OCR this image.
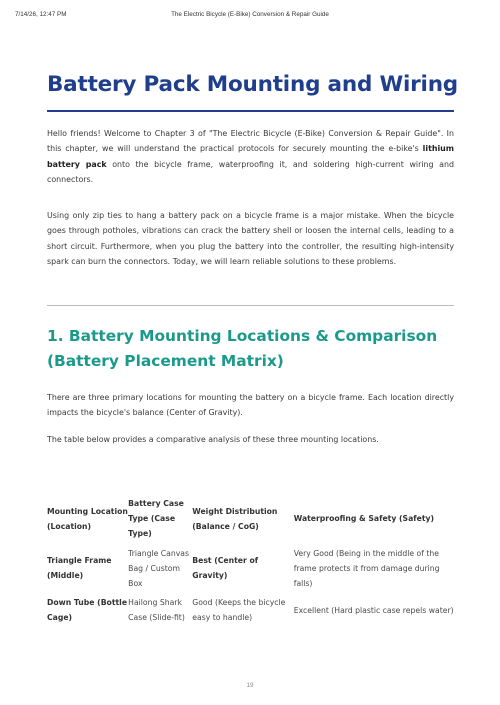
7/14/26, 12:47 PM	The Electric Bicycle (E-Bike) Conversion & Repair Guide
Battery Pack Mounting and Wiring
Hello friends! Welcome to Chapter 3 of "The Electric Bicycle (E-Bike) Conversion & Repair Guide". In this chapter, we will understand the practical protocols for securely mounting the e-bike's lithium battery pack onto the bicycle frame, waterproofing it, and soldering high-current wiring and connectors.
Using only zip ties to hang a battery pack on a bicycle frame is a major mistake. When the bicycle goes through potholes, vibrations can crack the battery shell or loosen the internal cells, leading to a short circuit. Furthermore, when you plug the battery into the controller, the resulting high-intensity spark can burn the connectors. Today, we will learn reliable solutions to these problems.
1. Battery Mounting Locations & Comparison
(Battery Placement Matrix)
There are three primary locations for mounting the battery on a bicycle frame. Each location directly impacts the bicycle's balance (Center of Gravity).
The table below provides a comparative analysis of these three mounting locations.
Mounting Location (Location)	Battery Case Type (Case Type)	Weight Distribution (Balance / CoG)	Waterproofing & Safety (Safety)
Triangle Frame (Middle)	Triangle Canvas Bag / Custom Box	Best (Center of Gravity)	Very Good (Being in the middle of the frame protects it from damage during falls)
Down Tube (Bottle Cage)	Hailong Shark Case (Slide-fit)	Good (Keeps the bicycle easy to handle)	Excellent (Hard plastic case repels water)
19
